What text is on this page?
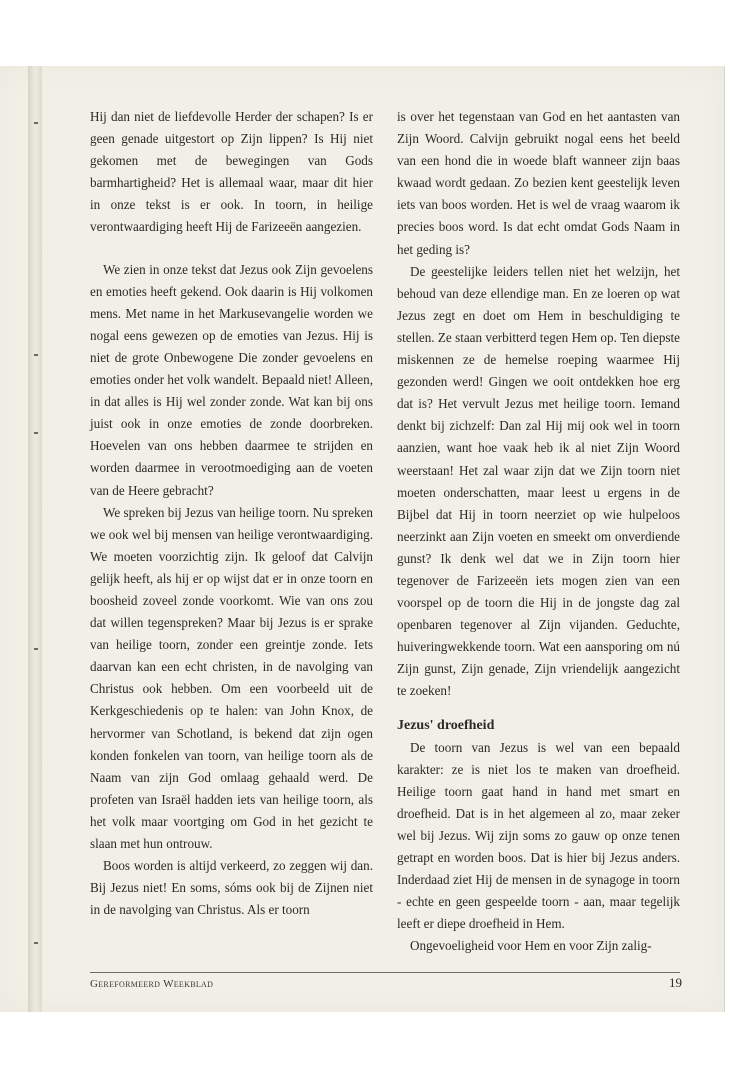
Hij dan niet de liefdevolle Herder der schapen? Is er geen genade uitgestort op Zijn lippen? Is Hij niet gekomen met de bewegingen van Gods barmhartigheid? Het is allemaal waar, maar dit hier in onze tekst is er ook. In toorn, in heilige verontwaardiging heeft Hij de Farizeeën aangezien.

We zien in onze tekst dat Jezus ook Zijn gevoelens en emoties heeft gekend. Ook daarin is Hij volkomen mens. Met name in het Markusevangelie worden we nogal eens gewezen op de emoties van Jezus. Hij is niet de grote Onbewogene Die zonder gevoelens en emoties onder het volk wandelt. Bepaald niet! Alleen, in dat alles is Hij wel zonder zonde. Wat kan bij ons juist ook in onze emoties de zonde doorbreken. Hoevelen van ons hebben daarmee te strijden en worden daarmee in verootmoediging aan de voeten van de Heere gebracht?

We spreken bij Jezus van heilige toorn. Nu spreken we ook wel bij mensen van heilige verontwaardiging. We moeten voorzichtig zijn. Ik geloof dat Calvijn gelijk heeft, als hij er op wijst dat er in onze toorn en boosheid zoveel zonde voorkomt. Wie van ons zou dat willen tegenspreken? Maar bij Jezus is er sprake van heilige toorn, zonder een greintje zonde. Iets daarvan kan een echt christen, in de navolging van Christus ook hebben. Om een voorbeeld uit de Kerkgeschiedenis op te halen: van John Knox, de hervormer van Schotland, is bekend dat zijn ogen konden fonkelen van toorn, van heilige toorn als de Naam van zijn God omlaag gehaald werd. De profeten van Israël hadden iets van heilige toorn, als het volk maar voortging om God in het gezicht te slaan met hun ontrouw.

Boos worden is altijd verkeerd, zo zeggen wij dan. Bij Jezus niet! En soms, sóms ook bij de Zijnen niet in de navolging van Christus. Als er toorn

is over het tegenstaan van God en het aantasten van Zijn Woord. Calvijn gebruikt nogal eens het beeld van een hond die in woede blaft wanneer zijn baas kwaad wordt gedaan. Zo bezien kent geestelijk leven iets van boos worden. Het is wel de vraag waarom ik precies boos word. Is dat echt omdat Gods Naam in het geding is?

De geestelijke leiders tellen niet het welzijn, het behoud van deze ellendige man. En ze loeren op wat Jezus zegt en doet om Hem in beschuldiging te stellen. Ze staan verbitterd tegen Hem op. Ten diepste miskennen ze de hemelse roeping waarmee Hij gezonden werd! Gingen we ooit ontdekken hoe erg dat is? Het vervult Jezus met heilige toorn. Iemand denkt bij zichzelf: Dan zal Hij mij ook wel in toorn aanzien, want hoe vaak heb ik al niet Zijn Woord weerstaan! Het zal waar zijn dat we Zijn toorn niet moeten onderschatten, maar leest u ergens in de Bijbel dat Hij in toorn neerziet op wie hulpeloos neerzinkt aan Zijn voeten en smeekt om onverdiende gunst? Ik denk wel dat we in Zijn toorn hier tegenover de Farizeeën iets mogen zien van een voorspel op de toorn die Hij in de jongste dag zal openbaren tegenover al Zijn vijanden. Geduchte, huiveringwekkende toorn. Wat een aansporing om nú Zijn gunst, Zijn genade, Zijn vriendelijk aangezicht te zoeken!

Jezus' droefheid

De toorn van Jezus is wel van een bepaald karakter: ze is niet los te maken van droefheid. Heilige toorn gaat hand in hand met smart en droefheid. Dat is in het algemeen al zo, maar zeker wel bij Jezus. Wij zijn soms zo gauw op onze tenen getrapt en worden boos. Dat is hier bij Jezus anders. Inderdaad ziet Hij de mensen in de synagoge in toorn - echte en geen gespeelde toorn - aan, maar tegelijk leeft er diepe droefheid in Hem.

Ongevoeligheid voor Hem en voor Zijn zalig-

Gereformeerd Weekblad	19
